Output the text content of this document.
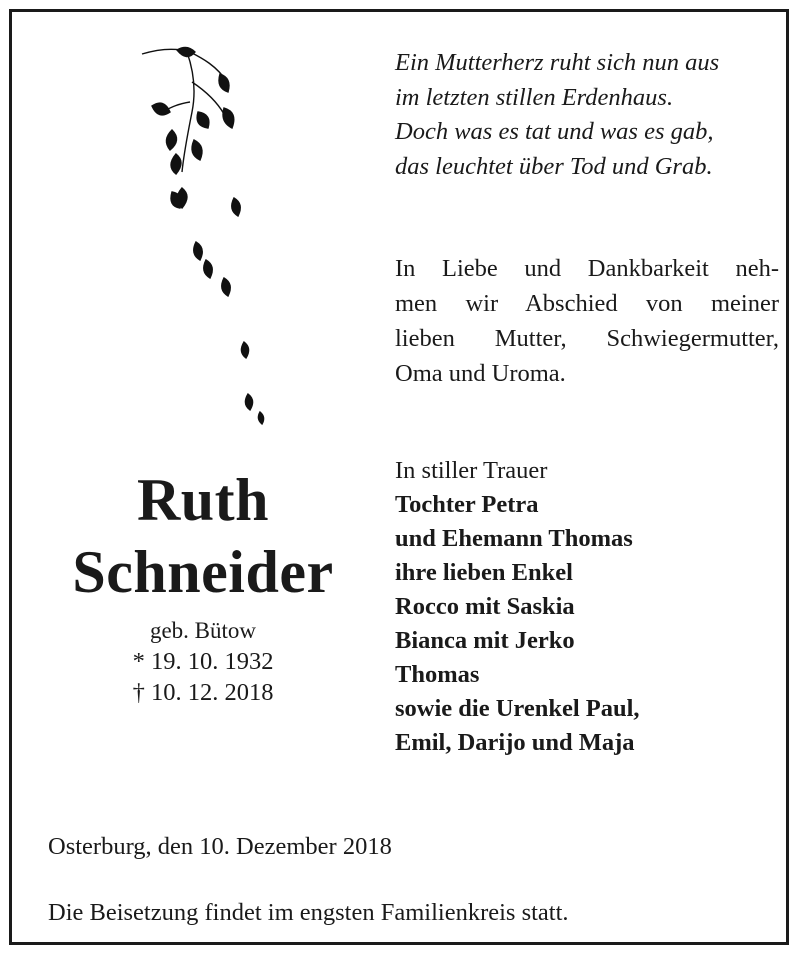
Ein Mutterherz ruht sich nun aus
im letzten stillen Erdenhaus.
Doch was es tat und was es gab,
das leuchtet über Tod und Grab.
In Liebe und Dankbarkeit neh-
men wir Abschied von meiner
lieben Mutter, Schwiegermutter,
Oma und Uroma.
Ruth
Schneider
geb. Bütow
* 19. 10. 1932
† 10. 12. 2018
In stiller Trauer
Tochter Petra
und Ehemann Thomas
ihre lieben Enkel
Rocco mit Saskia
Bianca mit Jerko
Thomas
sowie die Urenkel Paul,
Emil, Darijo und Maja
Osterburg, den 10. Dezember 2018
Die Beisetzung findet im engsten Familienkreis statt.
